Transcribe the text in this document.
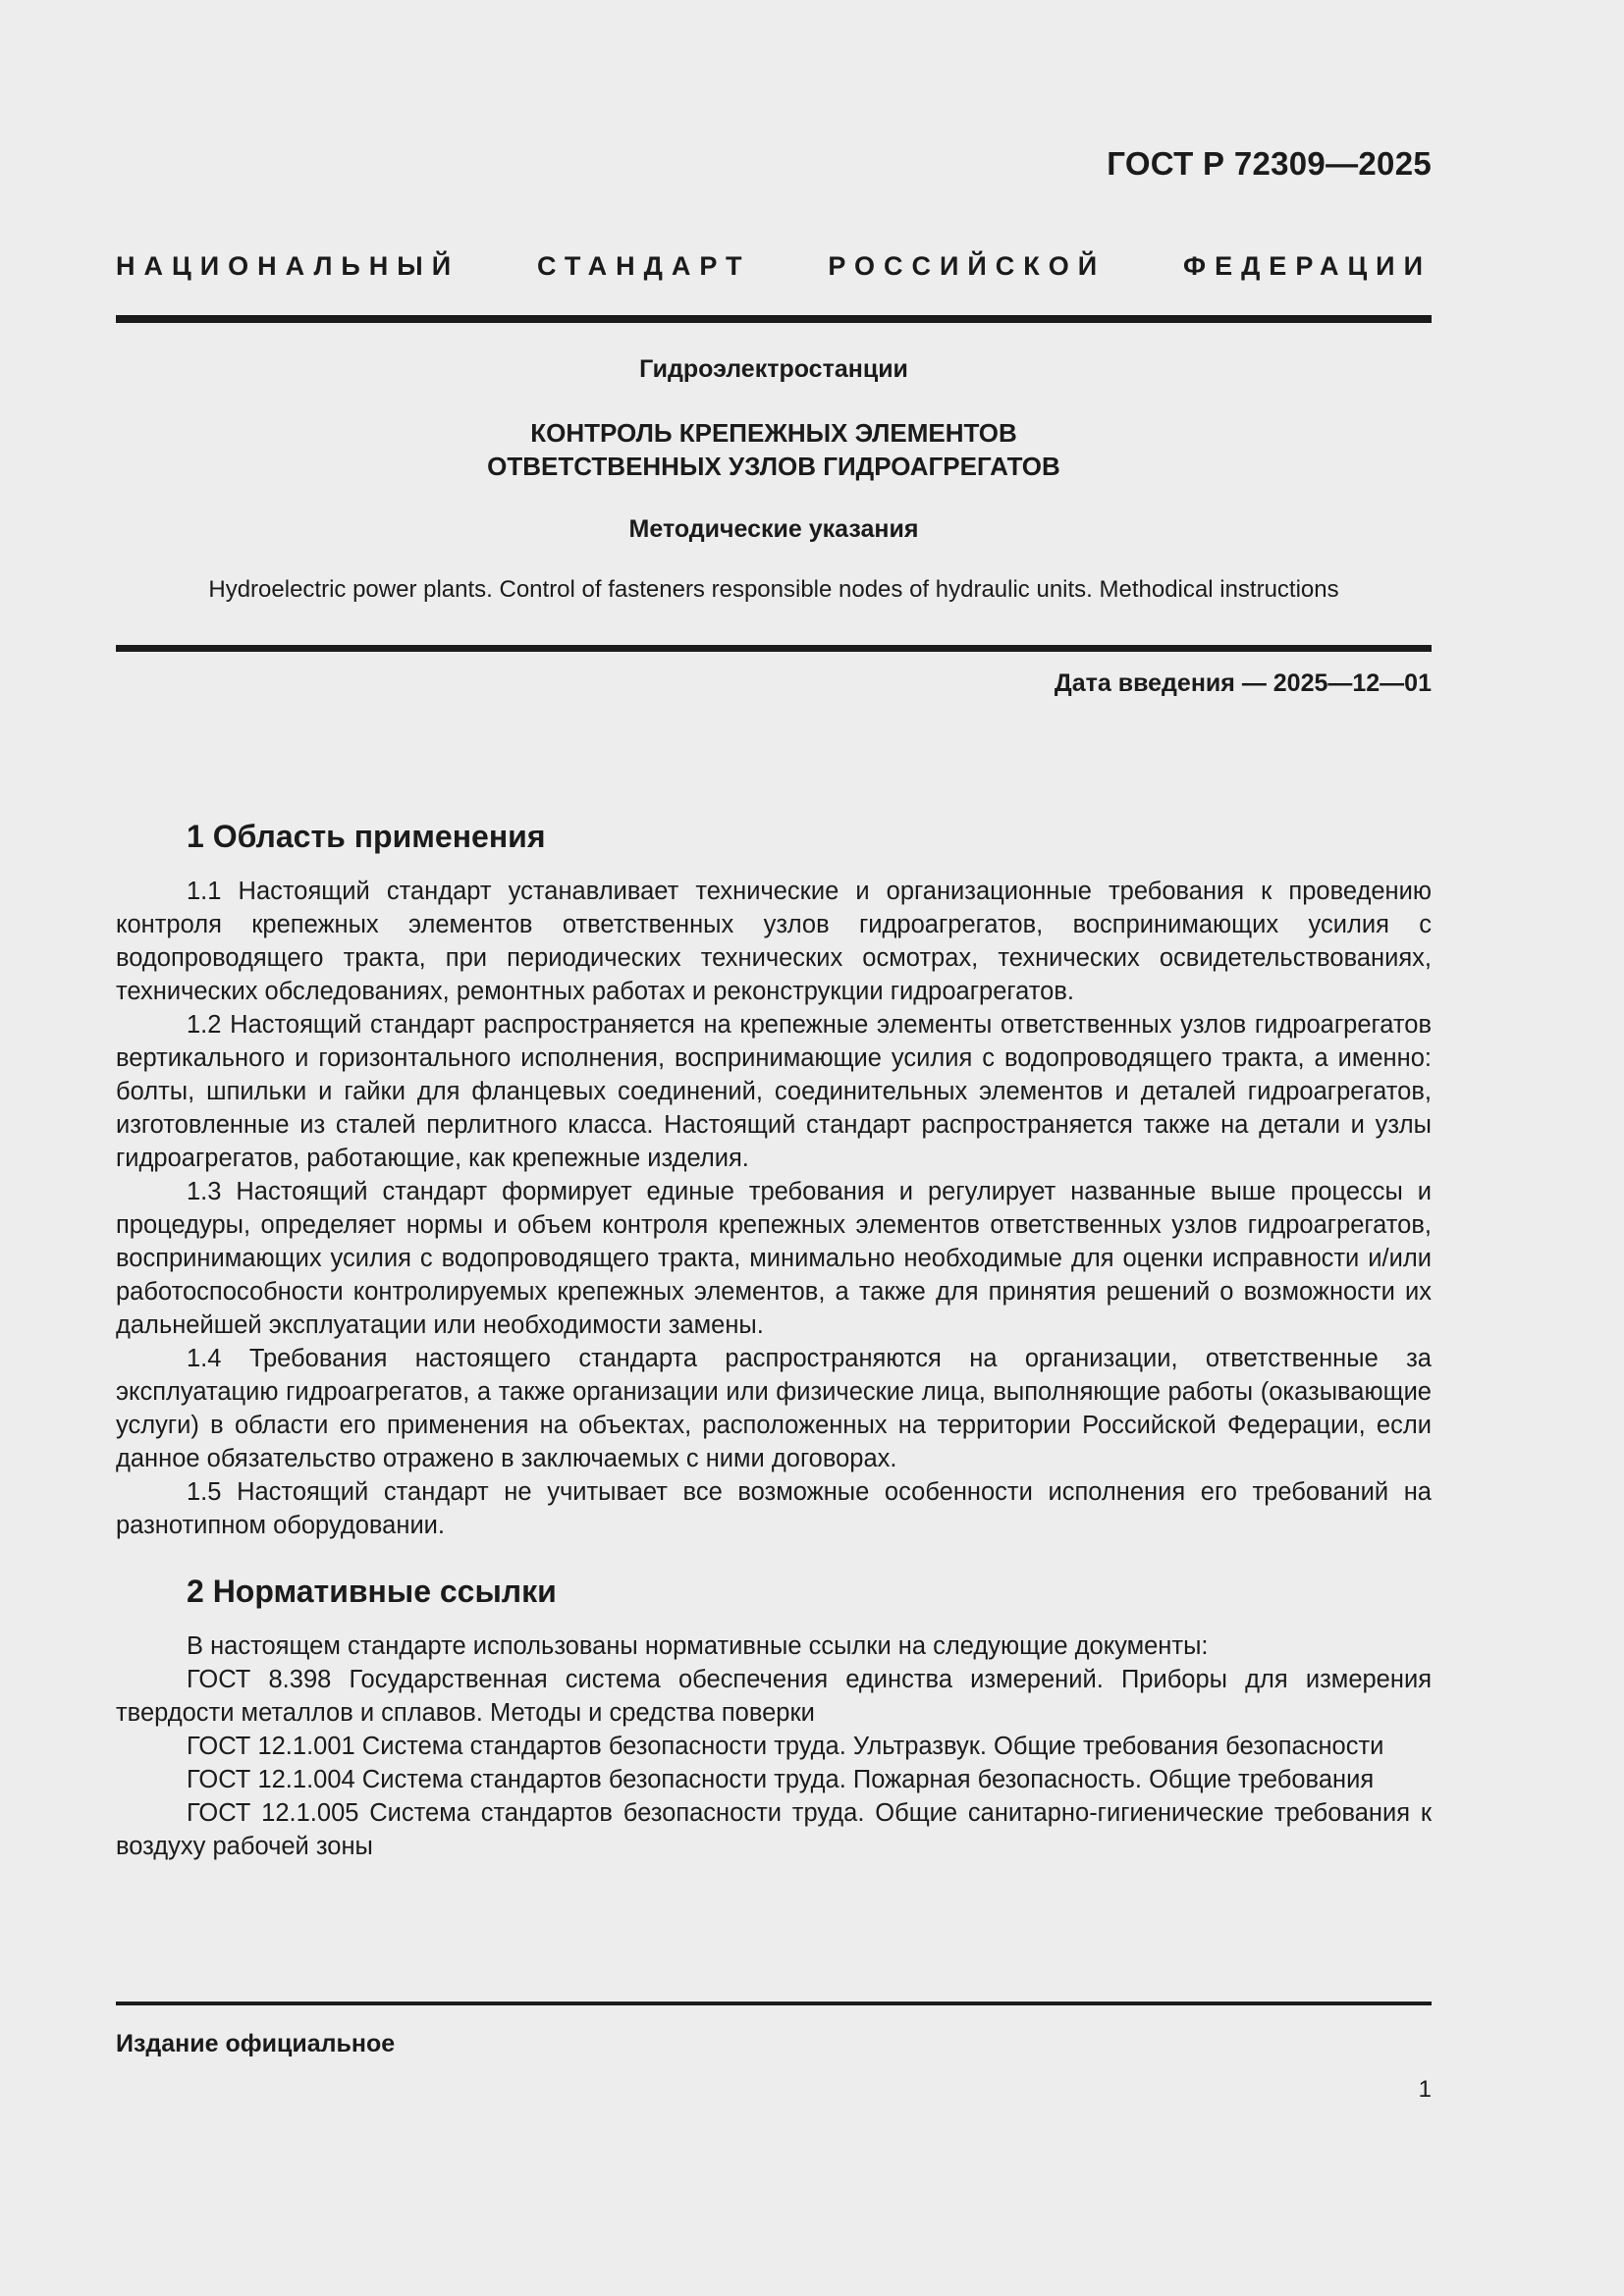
ГОСТ Р 72309—2025
НАЦИОНАЛЬНЫЙ СТАНДАРТ РОССИЙСКОЙ ФЕДЕРАЦИИ
Гидроэлектростанции
КОНТРОЛЬ КРЕПЕЖНЫХ ЭЛЕМЕНТОВ
ОТВЕТСТВЕННЫХ УЗЛОВ ГИДРОАГРЕГАТОВ
Методические указания
Hydroelectric power plants. Control of fasteners responsible nodes of hydraulic units. Methodical instructions
Дата введения — 2025—12—01
1 Область применения

1.1 Настоящий стандарт устанавливает технические и организационные требования к проведению контроля крепежных элементов ответственных узлов гидроагрегатов, воспринимающих усилия с водопроводящего тракта, при периодических технических осмотрах, технических освидетельствованиях, технических обследованиях, ремонтных работах и реконструкции гидроагрегатов.

1.2 Настоящий стандарт распространяется на крепежные элементы ответственных узлов гидроагрегатов вертикального и горизонтального исполнения, воспринимающие усилия с водопроводящего тракта, а именно: болты, шпильки и гайки для фланцевых соединений, соединительных элементов и деталей гидроагрегатов, изготовленные из сталей перлитного класса. Настоящий стандарт распространяется также на детали и узлы гидроагрегатов, работающие, как крепежные изделия.

1.3 Настоящий стандарт формирует единые требования и регулирует названные выше процессы и процедуры, определяет нормы и объем контроля крепежных элементов ответственных узлов гидроагрегатов, воспринимающих усилия с водопроводящего тракта, минимально необходимые для оценки исправности и/или работоспособности контролируемых крепежных элементов, а также для принятия решений о возможности их дальнейшей эксплуатации или необходимости замены.

1.4 Требования настоящего стандарта распространяются на организации, ответственные за эксплуатацию гидроагрегатов, а также организации или физические лица, выполняющие работы (оказывающие услуги) в области его применения на объектах, расположенных на территории Российской Федерации, если данное обязательство отражено в заключаемых с ними договорах.

1.5 Настоящий стандарт не учитывает все возможные особенности исполнения его требований на разнотипном оборудовании.

2 Нормативные ссылки

В настоящем стандарте использованы нормативные ссылки на следующие документы:

ГОСТ 8.398 Государственная система обеспечения единства измерений. Приборы для измерения твердости металлов и сплавов. Методы и средства поверки

ГОСТ 12.1.001 Система стандартов безопасности труда. Ультразвук. Общие требования безопасности

ГОСТ 12.1.004 Система стандартов безопасности труда. Пожарная безопасность. Общие требования

ГОСТ 12.1.005 Система стандартов безопасности труда. Общие санитарно-гигиенические требования к воздуху рабочей зоны

Издание официальное
1
